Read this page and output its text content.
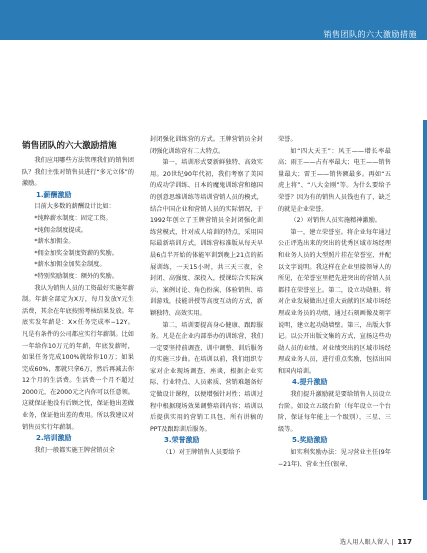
销售团队的六大激励措施
销售团队的六大激励措施

我们应用哪些方法管理我们的销售团队？我们主张对销售员进行“多元立体”的激励。

1.薪酬激励

目前大多数的薪酬设计比如：

*纯粹薪水制度：固定工资。

*纯佣金制度提成。

*薪水加佣金。

*佣金加奖金制度资薪的奖励。

*薪水加佣金加奖金制度。

*特别奖励制度：额外的奖励。

我认为销售人员的工资最好实施年薪制。年薪全部定为X万，每月发放Y元生活费，其余在年底按照考核结果发放。年底实发年薪是：X×任务完成率−12Y。凡是有条件的公司都应实行年薪制。比如一年给你10万元的年薪，年底发薪时，如果任务完成100%就给你10万；如果完成60%，那就只拿6万，然后再减去你12个月的生活费。生活费一个月不超过2000元，在2000元之内你可以任意领。这就保证他没有后顾之忧，保证他出差做业务，保证他出差的费用。所以我建议对销售员实行年薪制。

2.培训激励

我们一般都实施王牌营销员全

封闭强化训练营的方式。王牌营销员全封闭强化训练营有二大特点。

第一，培训形式要新鲜独特、高效实用。20世纪90年代初，我们考察了美国的成功学训练、日本的魔鬼训练营和德国的创意思维训练等培训营销人员的模式，结合中国企业和营销人员的实际情况，于1992年创立了王牌营销员全封闭强化训练营模式，针对成人培训的特点，采用国际最新培训方式，训练营标准版从每天早晨6点半开始的体能军训到晚上21点的拓展训练，一天15小时，共三天三夜，全封闭、高强度、深投入，授课综合实际演示、案例讨论、角色扮演、体验销售、培训游戏，技能讲授等高度互动的方式，新颖独特、高效实用。

第二，培训要提高身心健康、跟踪服务。凡是在企业内部举办的训练营，我们一定要坚持前调查、训中调整、训后服务的实施三步曲。在培训以前，我们组织专家对企业现场调查、座谈，根据企业实际、行业特点、人员素质、营销难题备好定做设计课程，以便增强针对性；培训过程中根据现场效果调整培训内容；培训以后提供实用的营销工具包、所有讲稿的PPT及跟踪训后服务。

3.荣誉激励

（1）对王牌销售人员要给予

荣誉。

如“四大天王”：风王——增长率最高；雨王——占有率最大；电王——销售量最大；雷王——销售额最多。再如“五虎上将”、“八大金刚”等。为什么要给予荣誉？因为有的销售人员钱也有了，缺乏的就是企业荣誉。

（2）对销售人员实施精神激励。

第一，建立荣誉室。将企业每年通过公正评选出来的突出的优秀区域市场经理和业务人员的大型照片挂在荣誉室，并配以文字说明。我这样在企业里接领导人的所见，在荣誉室里把先进突出的营销人员都挂在荣誉室上。第二，设立功勋册。将对企业发展做出过重大贡献的区域市场经理或业务员的功绩，通过石刻画像及刻字说明，建立起功勋墙壁。第三，出版大事记。以公开出版文集的方式，宣扬这些功勋人员的业绩。对业绩突出的区域市场经理或业务人员，进行重点奖励，包括出国和国内培训。

4.提升激励

我们提升激励就是要给销售人员设立台阶。如设立五级台阶（每年设立一个台阶，保证每年能上一个级别），三星、三级等。

5.奖励激励

如实利奖励办法：见习营业主任(9年−21年)、营业主任(银章、

选人用人眼人留人 | 117
